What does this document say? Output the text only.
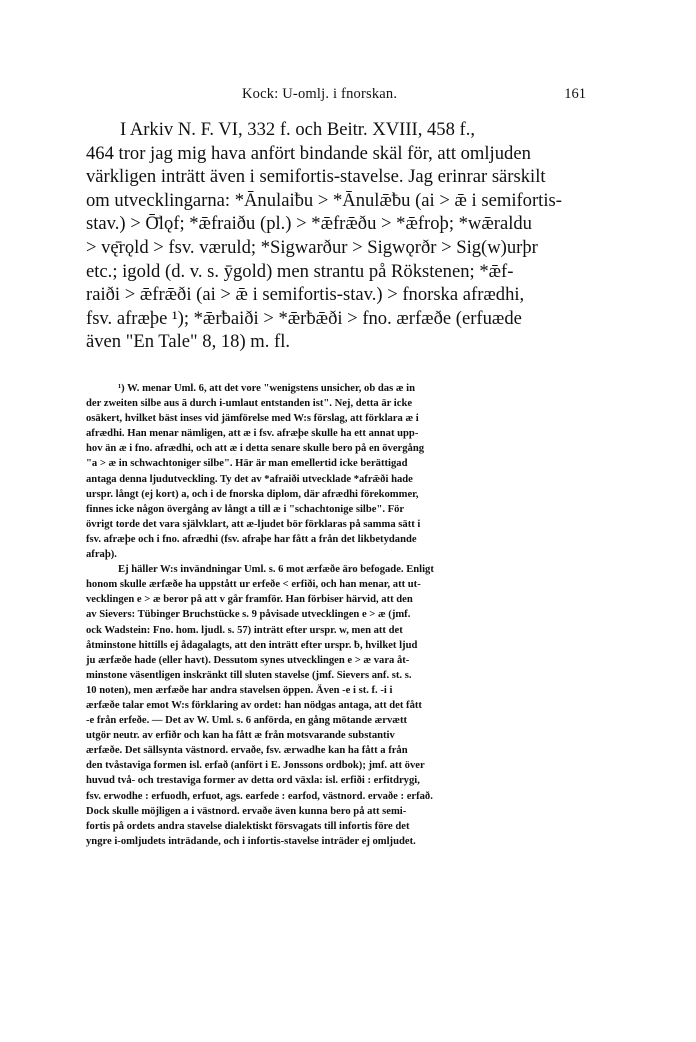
Kock: U-omlj. i fnorskan.	161
I Arkiv N. F. VI, 332 f. och Beitr. XVIII, 458 f.,
464 tror jag mig hava anfört bindande skäl för, att omljuden
värkligen inträtt även i semifortis-stavelse. Jag erinrar särskilt
om utvecklingarna: *Ānulaiƀu > *Ānulǣƀu (ai > ǣ i semifortis-
stav.) > Ō̄lǫf; *ǣfraiðu (pl.) > *ǣfrǣðu > *ǣfroþ; *wǣraldu
> vę̄rǫld > fsv. væruld; *Sigwarður > Sigwǫrðr > Sig(w)urþr
etc.; igold (d. v. s. ȳgold) men strantu på Rökstenen; *ǣf-
raiði > ǣfrǣði (ai > ǣ i semifortis-stav.) > fnorska afrædhi,
fsv. afræþe ¹); *ǣrƀaiði > *ǣrƀǣði > fno. ærfæðe (erfuæde
även "En Tale" 8, 18) m. fl.
¹) W. menar Uml. 6, att det vore "wenigstens unsicher, ob das æ in
der zweiten silbe aus ā durch i-umlaut entstanden ist". Nej, detta är icke
osäkert, hvilket bäst inses vid jämförelse med W:s förslag, att förklara æ i
afrædhi. Han menar nämligen, att æ i fsv. afræþe skulle ha ett annat upp-
hov än æ i fno. afrædhi, och att æ i detta senare skulle bero på en övergång
"a > æ in schwachtoniger silbe". Här är man emellertid icke berättigad
antaga denna ljudutveckling. Ty det av *afraiði utvecklade *afrǣði hade
urspr. långt (ej kort) a, och i de fnorska diplom, där afrædhi förekommer,
finnes icke någon övergång av långt a till æ i "schachtonige silbe". För
övrigt torde det vara självklart, att æ-ljudet bör förklaras på samma sätt i
fsv. afræþe och i fno. afrædhi (fsv. afraþe har fått a från det likbetydande
afraþ).
Ej häller W:s invändningar Uml. s. 6 mot ærfæðe äro befogade. Enligt
honom skulle ærfæðe ha uppstått ur erfeðe < erfiði, och han menar, att ut-
vecklingen e > æ beror på att v går framför. Han förbiser härvid, att den
av Sievers: Tübinger Bruchstücke s. 9 påvisade utvecklingen e > æ (jmf.
ock Wadstein: Fno. hom. ljudl. s. 57) inträtt efter urspr. w, men att det
åtminstone hittills ej ådagalagts, att den inträtt efter urspr. ƀ, hvilket ljud
ju ærfæðe hade (eller havt). Dessutom synes utvecklingen e > æ vara åt-
minstone väsentligen inskränkt till sluten stavelse (jmf. Sievers anf. st. s.
10 noten), men ærfæðe har andra stavelsen öppen. Även -e i st. f. -i i
ærfæðe talar emot W:s förklaring av ordet: han nödgas antaga, att det fått
-e från erfeðe. — Det av W. Uml. s. 6 anförda, en gång mötande ærvætt
utgör neutr. av erfiðr och kan ha fått æ från motsvarande substantiv
ærfæðe. Det sällsynta västnord. ervaðe, fsv. ærwadhe kan ha fått a från
den tvåstaviga formen isl. erfað (anfört i E. Jonssons ordbok); jmf. att över
huvud två- och trestaviga former av detta ord växla: isl. erfiði : erfitdrygi,
fsv. erwodhe : erfuodh, erfuot, ags. earfede : earfod, västnord. ervaðe : erfað.
Dock skulle möjligen a i västnord. ervaðe även kunna bero på att semi-
fortis på ordets andra stavelse dialektiskt försvagats till infortis före det
yngre i-omljudets inträdande, och i infortis-stavelse inträder ej omljudet.
